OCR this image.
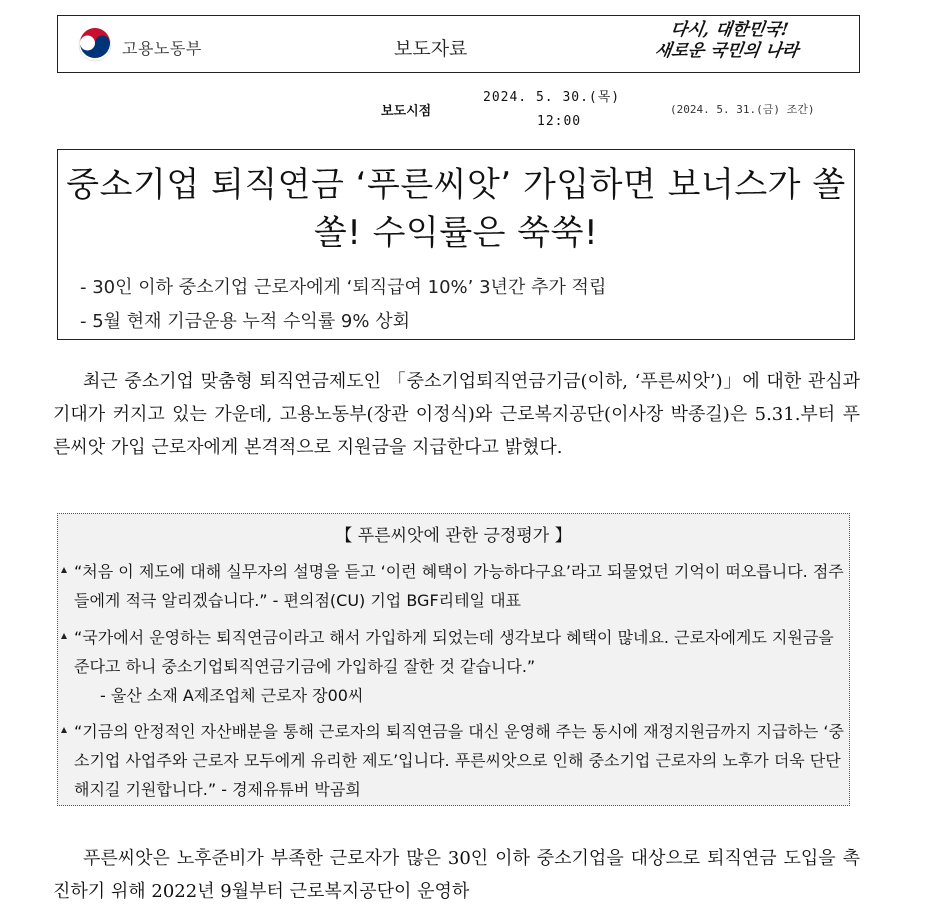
고용노동부	보도자료
다시, 대한민국!
새로운 국민의 나라
보도시점
2024. 5. 30.(목)
12:00
(2024. 5. 31.(금) 조간)
중소기업 퇴직연금 ‘푸른씨앗’ 가입하면 보너스가 쏠쏠! 수익률은 쑥쑥!
- 30인 이하 중소기업 근로자에게 ‘퇴직급여 10%’ 3년간 추가 적립
- 5월 현재 기금운용 누적 수익률 9% 상회
최근 중소기업 맞춤형 퇴직연금제도인 「중소기업퇴직연금기금(이하, ‘푸른씨앗’)」에 대한 관심과 기대가 커지고 있는 가운데, 고용노동부(장관 이정식)와 근로복지공단(이사장 박종길)은 5.31.부터 푸른씨앗 가입 근로자에게 본격적으로 지원금을 지급한다고 밝혔다.
【 푸른씨앗에 관한 긍정평가 】
“처음 이 제도에 대해 실무자의 설명을 듣고 ‘이런 혜택이 가능하다구요’라고 되물었던 기억이 떠오릅니다. 점주들에게 적극 알리겠습니다.” - 편의점(CU) 기업 BGF리테일 대표
“국가에서 운영하는 퇴직연금이라고 해서 가입하게 되었는데 생각보다 혜택이 많네요. 근로자에게도 지원금을 준다고 하니 중소기업퇴직연금기금에 가입하길 잘한 것 같습니다.”
- 울산 소재 A제조업체 근로자 장00씨
“기금의 안정적인 자산배분을 통해 근로자의 퇴직연금을 대신 운영해 주는 동시에 재정지원금까지 지급하는 ‘중소기업 사업주와 근로자 모두에게 유리한 제도’입니다. 푸른씨앗으로 인해 중소기업 근로자의 노후가 더욱 단단해지길 기원합니다.” - 경제유튜버 박곰희
푸른씨앗은 노후준비가 부족한 근로자가 많은 30인 이하 중소기업을 대상으로 퇴직연금 도입을 촉진하기 위해 2022년 9월부터 근로복지공단이 운영하
